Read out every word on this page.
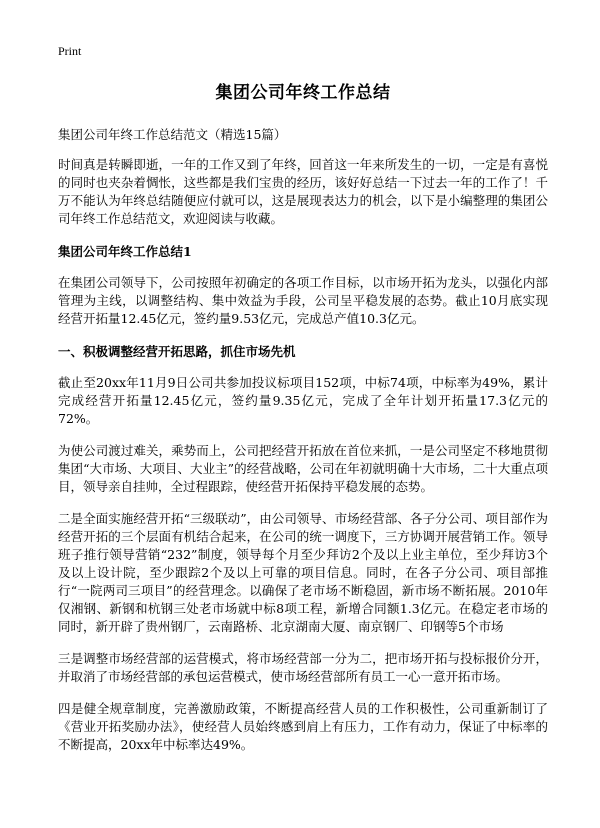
Print
集团公司年终工作总结
集团公司年终工作总结范文（精选15篇）

时间真是转瞬即逝，一年的工作又到了年终，回首这一年来所发生的一切，一定是有喜悦的同时也夹杂着惆怅，这些都是我们宝贵的经历，该好好总结一下过去一年的工作了！千万不能认为年终总结随便应付就可以，这是展现表达力的机会，以下是小编整理的集团公司年终工作总结范文，欢迎阅读与收藏。

集团公司年终工作总结1

在集团公司领导下，公司按照年初确定的各项工作目标，以市场开拓为龙头，以强化内部管理为主线，以调整结构、集中效益为手段，公司呈平稳发展的态势。截止10月底实现经营开拓量12.45亿元，签约量9.53亿元，完成总产值10.3亿元。

一、积极调整经营开拓思路，抓住市场先机

截止至20xx年11月9日公司共参加投议标项目152项，中标74项，中标率为49%，累计完成经营开拓量12.45亿元，签约量9.35亿元，完成了全年计划开拓量17.3亿元的72%。

为使公司渡过难关，乘势而上，公司把经营开拓放在首位来抓，一是公司坚定不移地贯彻集团“大市场、大项目、大业主”的经营战略，公司在年初就明确十大市场，二十大重点项目，领导亲自挂帅，全过程跟踪，使经营开拓保持平稳发展的态势。

二是全面实施经营开拓“三级联动”，由公司领导、市场经营部、各子分公司、项目部作为经营开拓的三个层面有机结合起来，在公司的统一调度下，三方协调开展营销工作。领导班子推行领导营销“232”制度，领导每个月至少拜访2个及以上业主单位，至少拜访3个及以上设计院，至少跟踪2个及以上可靠的项目信息。同时，在各子分公司、项目部推行“一院两司三项目”的经营理念。以确保了老市场不断稳固，新市场不断拓展。2010年仅湘钢、新钢和杭钢三处老市场就中标8项工程，新增合同额1.3亿元。在稳定老市场的同时，新开辟了贵州钢厂，云南路桥、北京湖南大厦、南京钢厂、印钢等5个市场

三是调整市场经营部的运营模式，将市场经营部一分为二，把市场开拓与投标报价分开，并取消了市场经营部的承包运营模式，使市场经营部所有员工一心一意开拓市场。

四是健全规章制度，完善激励政策，不断提高经营人员的工作积极性，公司重新制订了《营业开拓奖励办法》，使经营人员始终感到肩上有压力，工作有动力，保证了中标率的不断提高，20xx年中标率达49%。
